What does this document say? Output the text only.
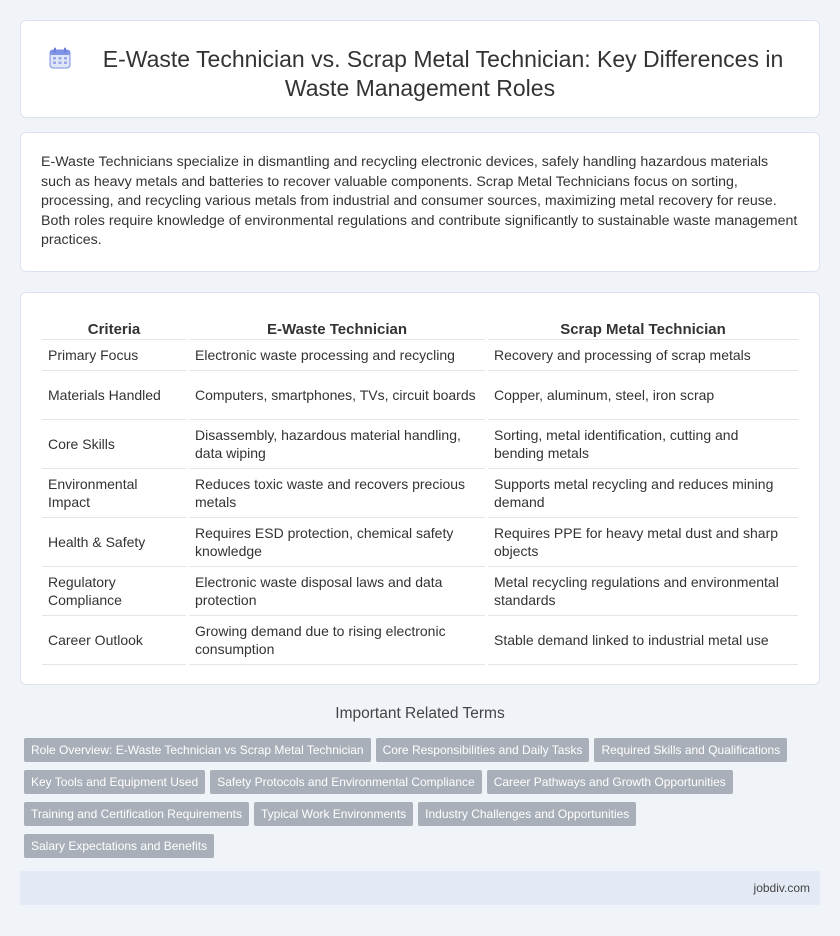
E-Waste Technician vs. Scrap Metal Technician: Key Differences in
Waste Management Roles

E-Waste Technicians specialize in dismantling and recycling electronic devices, safely handling hazardous materials such as heavy metals and batteries to recover valuable components. Scrap Metal Technicians focus on sorting, processing, and recycling various metals from industrial and consumer sources, maximizing metal recovery for reuse. Both roles require knowledge of environmental regulations and contribute significantly to sustainable waste management practices.

Criteria	E-Waste Technician	Scrap Metal Technician
Primary Focus	Electronic waste processing and recycling	Recovery and processing of scrap metals
Materials Handled	Computers, smartphones, TVs, circuit boards	Copper, aluminum, steel, iron scrap
Core Skills	Disassembly, hazardous material handling, data wiping	Sorting, metal identification, cutting and bending metals
Environmental Impact	Reduces toxic waste and recovers precious metals	Supports metal recycling and reduces mining demand
Health & Safety	Requires ESD protection, chemical safety knowledge	Requires PPE for heavy metal dust and sharp objects
Regulatory Compliance	Electronic waste disposal laws and data protection	Metal recycling regulations and environmental standards
Career Outlook	Growing demand due to rising electronic consumption	Stable demand linked to industrial metal use
Important Related Terms
Role Overview: E-Waste Technician vs Scrap Metal Technician Core Responsibilities and Daily Tasks Required Skills and Qualifications
Key Tools and Equipment Used Safety Protocols and Environmental Compliance Career Pathways and Growth Opportunities
Training and Certification Requirements Typical Work Environments Industry Challenges and Opportunities
Salary Expectations and Benefits
jobdiv.com
